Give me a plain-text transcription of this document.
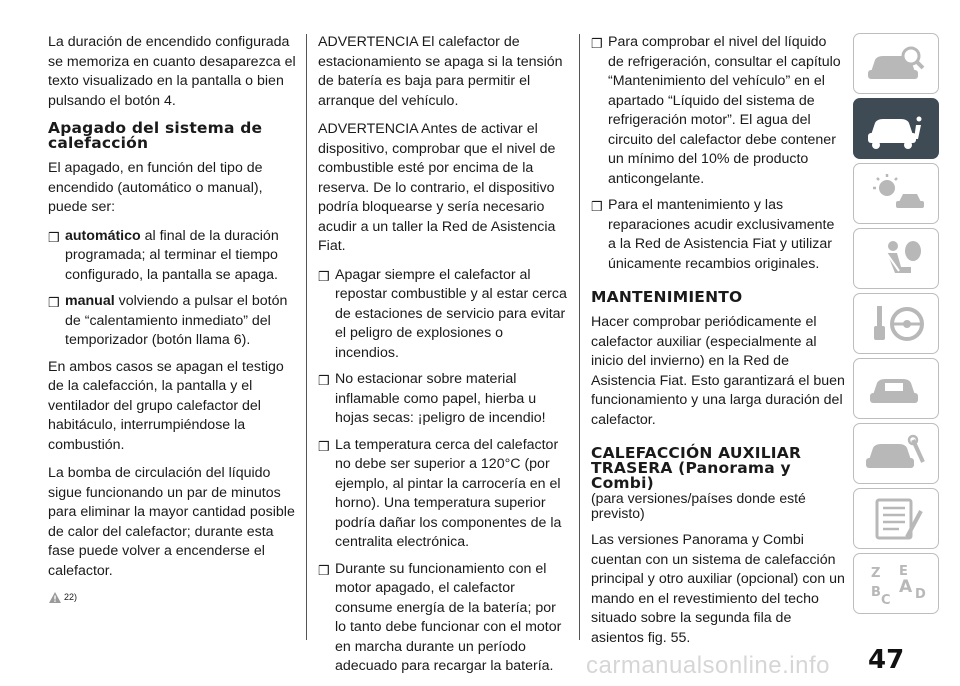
La duración de encendido configurada se memoriza en cuanto desaparezca el texto visualizado en la pantalla o bien pulsando el botón 4.

Apagado del sistema de calefacción

El apagado, en función del tipo de encendido (automático o manual), puede ser:

❒ automático al final de la duración programada; al terminar el tiempo configurado, la pantalla se apaga.
❒ manual volviendo a pulsar el botón de “calentamiento inmediato” del temporizador (botón llama 6).

En ambos casos se apagan el testigo de la calefacción, la pantalla y el ventilador del grupo calefactor del habitáculo, interrumpiéndose la combustión.

La bomba de circulación del líquido sigue funcionando un par de minutos para eliminar la mayor cantidad posible de calor del calefactor; durante esta fase puede volver a encenderse el calefactor.

22)

ADVERTENCIA El calefactor de estacionamiento se apaga si la tensión de batería es baja para permitir el arranque del vehículo.

ADVERTENCIA Antes de activar el dispositivo, comprobar que el nivel de combustible esté por encima de la reserva. De lo contrario, el dispositivo podría bloquearse y sería necesario acudir a un taller la Red de Asistencia Fiat.

❒ Apagar siempre el calefactor al repostar combustible y al estar cerca de estaciones de servicio para evitar el peligro de explosiones o incendios.
❒ No estacionar sobre material inflamable como papel, hierba u hojas secas: ¡peligro de incendio!
❒ La temperatura cerca del calefactor no debe ser superior a 120°C (por ejemplo, al pintar la carrocería en el horno). Una temperatura superior podría dañar los componentes de la centralita electrónica.
❒ Durante su funcionamiento con el motor apagado, el calefactor consume energía de la batería; por lo tanto debe funcionar con el motor en marcha durante un período adecuado para recargar la batería.
❒ Para comprobar el nivel del líquido de refrigeración, consultar el capítulo “Mantenimiento del vehículo” en el apartado “Líquido del sistema de refrigeración motor”. El agua del circuito del calefactor debe contener un mínimo del 10% de producto anticongelante.
❒ Para el mantenimiento y las reparaciones acudir exclusivamente a la Red de Asistencia Fiat y utilizar únicamente recambios originales.
MANTENIMIENTO

Hacer comprobar periódicamente el calefactor auxiliar (especialmente al inicio del invierno) en la Red de Asistencia Fiat. Esto garantizará el buen funcionamiento y una larga duración del calefactor.

CALEFACCIÓN AUXILIAR TRASERA (Panorama y Combi)
(para versiones/países donde esté previsto)

Las versiones Panorama y Combi cuentan con un sistema de calefacción principal y otro auxiliar (opcional) con un mando en el revestimiento del techo situado sobre la segunda fila de asientos fig. 55.

Z E
B A
C D
47
carmanualsonline.info
